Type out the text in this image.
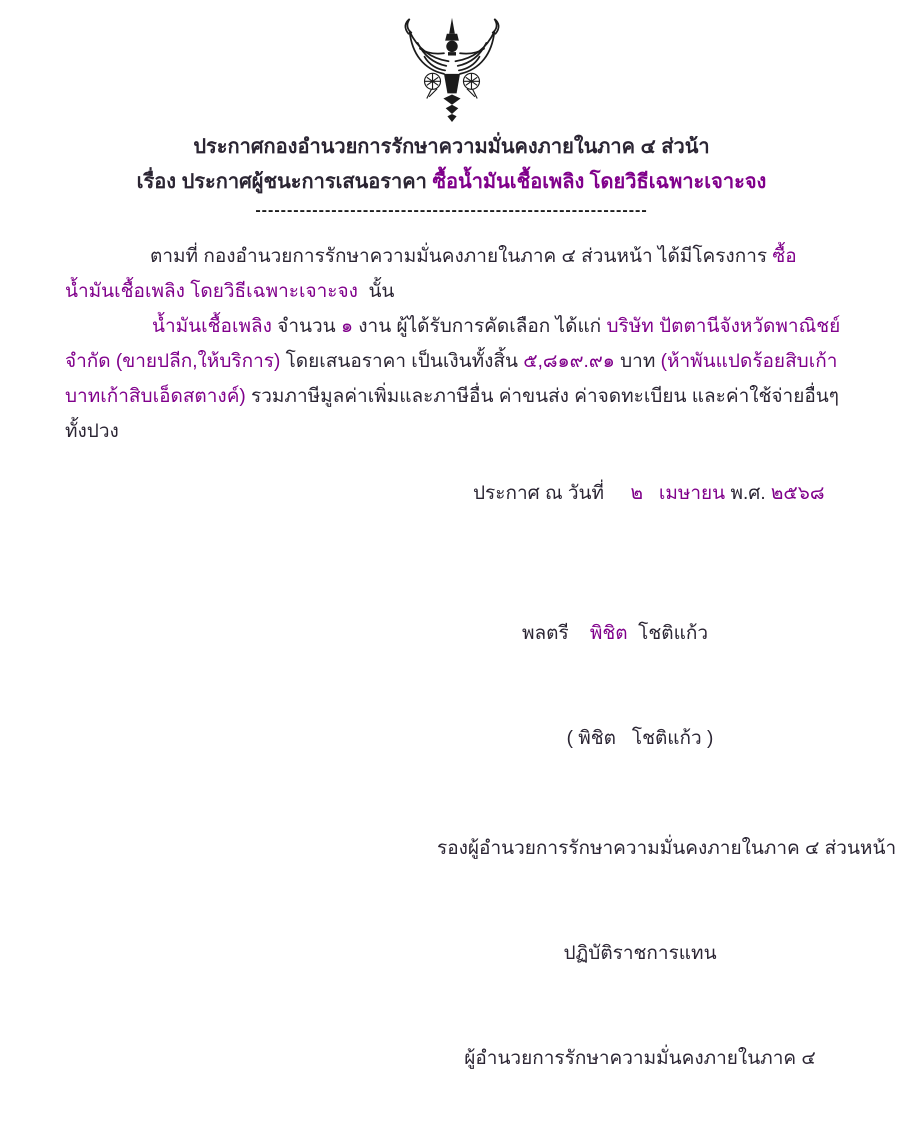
ประกาศกองอำนวยการรักษาความมั่นคงภายในภาค ๔ ส่วน้า
เรื่อง ประกาศผู้ชนะการเสนอราคา ซื้อน้ำมันเชื้อเพลิง โดยวิธีเฉพาะเจาะจง
--------------------------------------------------------------

ตามที่ กองอำนวยการรักษาความมั่นคงภายในภาค ๔ ส่วนหน้า ได้มีโครงการ ซื้อน้ำมันเชื้อเพลิง โดยวิธีเฉพาะเจาะจง  นั้น

น้ำมันเชื้อเพลิง จำนวน ๑ งาน ผู้ได้รับการคัดเลือก ได้แก่ บริษัท ปัตตานีจังหวัดพาณิชย์ จำกัด (ขายปลีก,ให้บริการ) โดยเสนอราคา เป็นเงินทั้งสิ้น ๕,๘๑๙.๙๑ บาท (ห้าพันแปดร้อยสิบเก้าบาทเก้าสิบเอ็ดสตางค์) รวมภาษีมูลค่าเพิ่มและภาษีอื่น ค่าขนส่ง ค่าจดทะเบียน และค่าใช้จ่ายอื่นๆ ทั้งปวง

ประกาศ ณ วันที่     ๒   เมษายน พ.ศ. ๒๕๖๘

พลตรี    พิชิต  โชติแก้ว

( พิชิต   โชติแก้ว )

รองผู้อำนวยการรักษาความมั่นคงภายในภาค ๔ ส่วนหน้า

ปฏิบัติราชการแทน

ผู้อำนวยการรักษาความมั่นคงภายในภาค ๔
